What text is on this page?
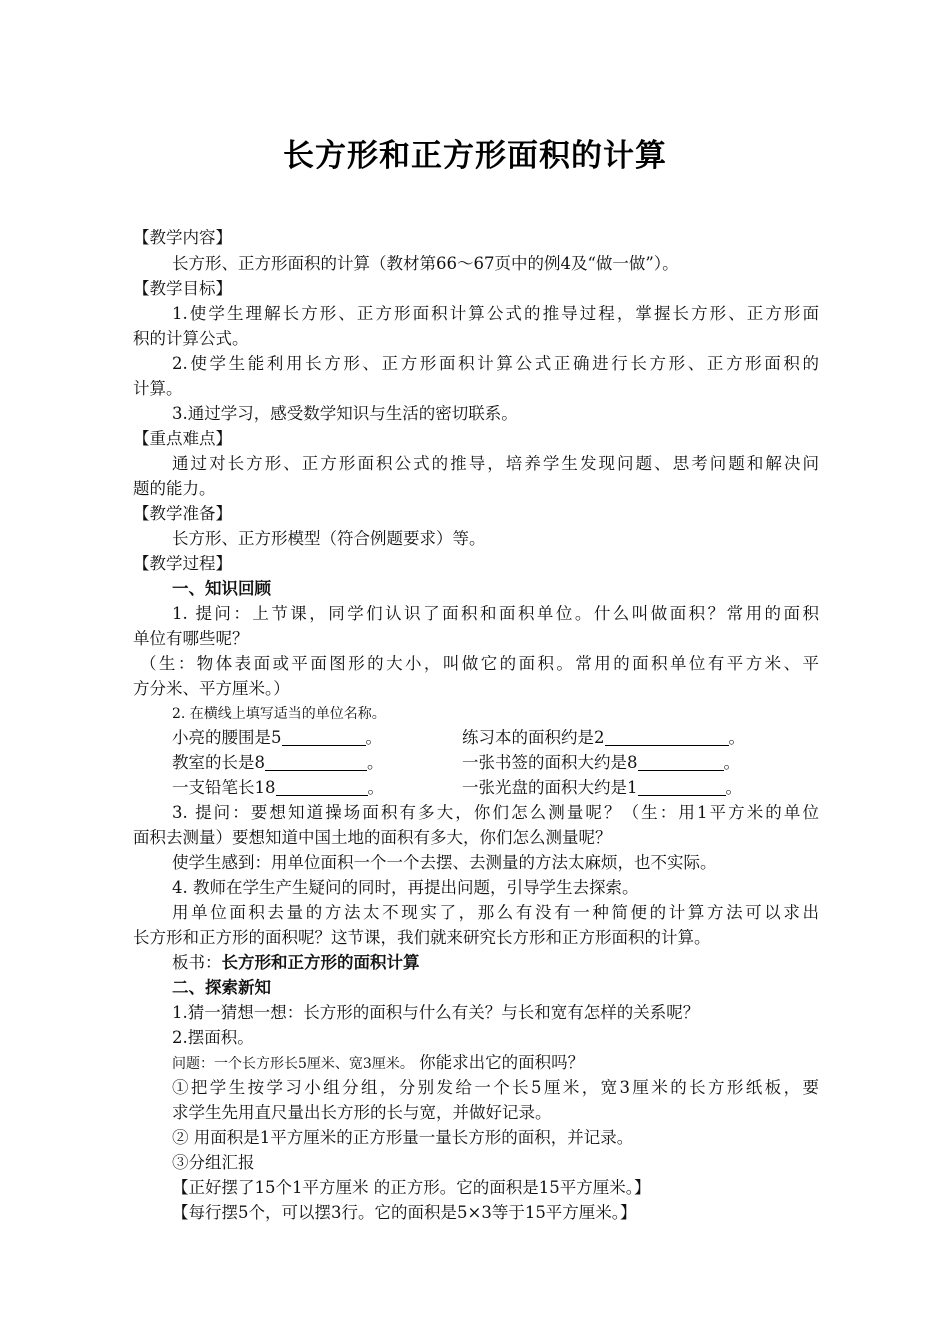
长方形和正方形面积的计算
【教学内容】
长方形、正方形面积的计算（教材第66～67页中的例4及“做一做”）。
【教学目标】
1.使学生理解长方形、正方形面积计算公式的推导过程，掌握长方形、正方形面
积的计算公式。
2.使学生能利用长方形、正方形面积计算公式正确进行长方形、正方形面积的
计算。
3.通过学习，感受数学知识与生活的密切联系。
【重点难点】
通过对长方形、正方形面积公式的推导，培养学生发现问题、思考问题和解决问
题的能力。
【教学准备】
长方形、正方形模型（符合例题要求）等。
【教学过程】
一、知识回顾
1. 提问：上节课，同学们认识了面积和面积单位。什么叫做面积？常用的面积
单位有哪些呢？
（生：物体表面或平面图形的大小，叫做它的面积。常用的面积单位有平方米、平
方分米、平方厘米。）
2. 在横线上填写适当的单位名称。
小亮的腰围是5	。	练习本的面积约是2	。
教室的长是8	。	一张书签的面积大约是8	。
一支铅笔长18	。	一张光盘的面积大约是1	。
3. 提问：要想知道操场面积有多大，你们怎么测量呢？（生：用1平方米的单位
面积去测量）要想知道中国土地的面积有多大，你们怎么测量呢？
使学生感到：用单位面积一个一个去摆、去测量的方法太麻烦，也不实际。
4. 教师在学生产生疑问的同时，再提出问题，引导学生去探索。
用单位面积去量的方法太不现实了，那么有没有一种简便的计算方法可以求出
长方形和正方形的面积呢？这节课，我们就来研究长方形和正方形面积的计算。
板书：长方形和正方形的面积计算
二、探索新知
1.猜一猜想一想：长方形的面积与什么有关？与长和宽有怎样的关系呢？
2.摆面积。
问题：一个长方形长5厘米、宽3厘米。 你能求出它的面积吗？
①把学生按学习小组分组，分别发给一个长5厘米，宽3厘米的长方形纸板，要
求学生先用直尺量出长方形的长与宽，并做好记录。
② 用面积是1平方厘米的正方形量一量长方形的面积，并记录。
③分组汇报
【正好摆了15个1平方厘米 的正方形。它的面积是15平方厘米。】
【每行摆5个，可以摆3行。它的面积是5×3等于15平方厘米。】
